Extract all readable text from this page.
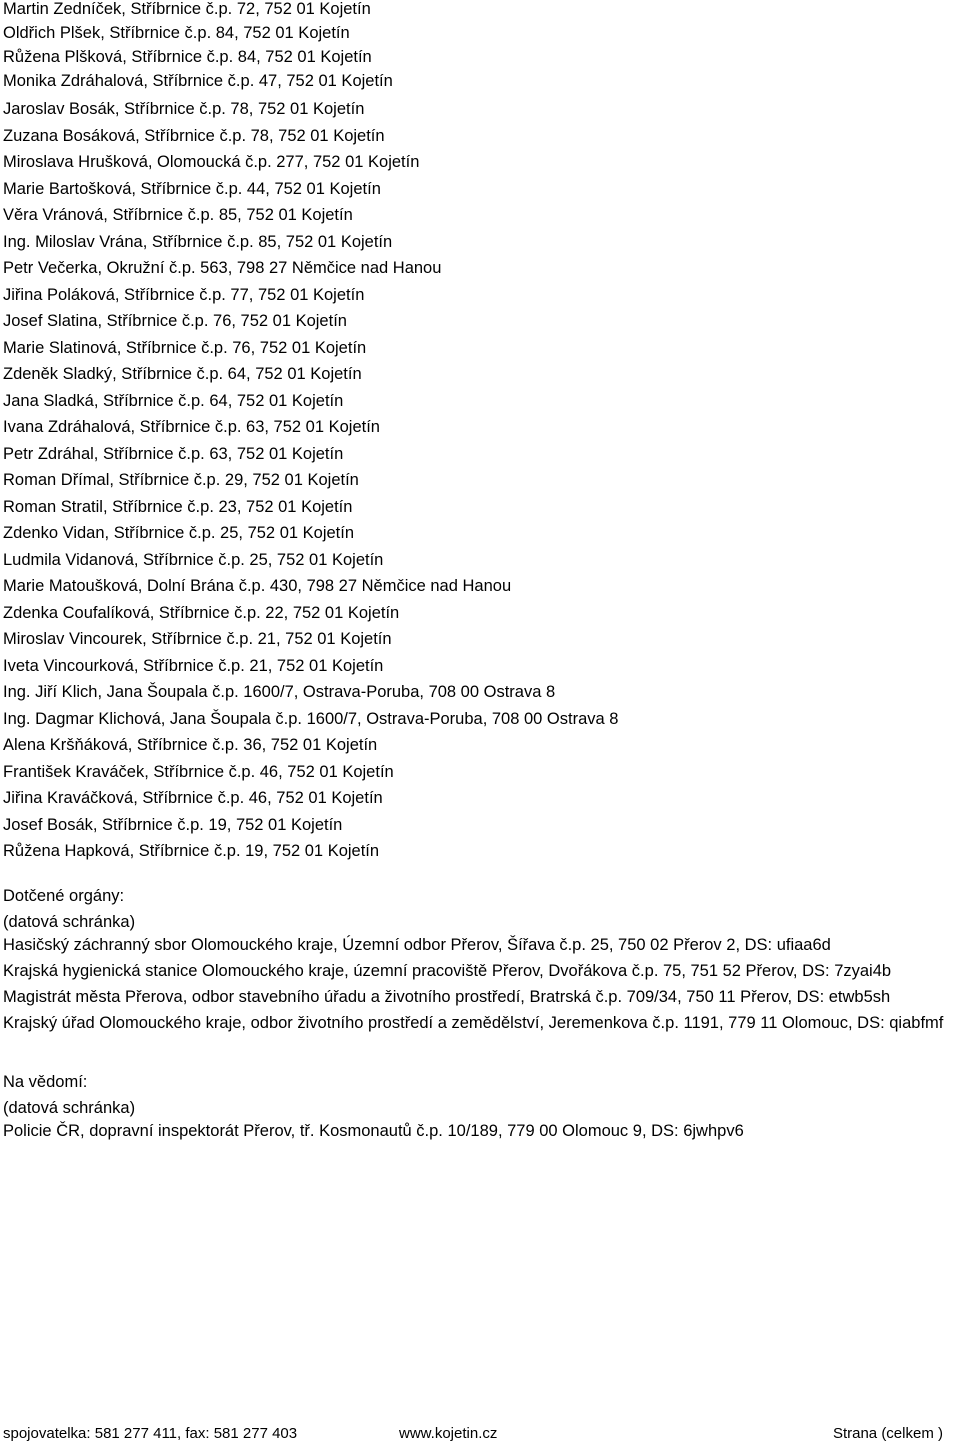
Martin Zedníček, Stříbrnice č.p. 72, 752 01 Kojetín
Oldřich Plšek, Stříbrnice č.p. 84, 752 01 Kojetín
Růžena Plšková, Stříbrnice č.p. 84, 752 01 Kojetín
Monika Zdráhalová, Stříbrnice č.p. 47, 752 01 Kojetín
Jaroslav Bosák, Stříbrnice č.p. 78, 752 01 Kojetín
Zuzana Bosáková, Stříbrnice č.p. 78, 752 01 Kojetín
Miroslava Hrušková, Olomoucká č.p. 277, 752 01 Kojetín
Marie Bartošková, Stříbrnice č.p. 44, 752 01 Kojetín
Věra Vránová, Stříbrnice č.p. 85, 752 01 Kojetín
Ing. Miloslav Vrána, Stříbrnice č.p. 85, 752 01 Kojetín
Petr Večerka, Okružní č.p. 563, 798 27 Němčice nad Hanou
Jiřina Poláková, Stříbrnice č.p. 77, 752 01 Kojetín
Josef Slatina, Stříbrnice č.p. 76, 752 01 Kojetín
Marie Slatinová, Stříbrnice č.p. 76, 752 01 Kojetín
Zdeněk Sladký, Stříbrnice č.p. 64, 752 01 Kojetín
Jana Sladká, Stříbrnice č.p. 64, 752 01 Kojetín
Ivana Zdráhalová, Stříbrnice č.p. 63, 752 01 Kojetín
Petr Zdráhal, Stříbrnice č.p. 63, 752 01 Kojetín
Roman Dřímal, Stříbrnice č.p. 29, 752 01 Kojetín
Roman Stratil, Stříbrnice č.p. 23, 752 01 Kojetín
Zdenko Vidan, Stříbrnice č.p. 25, 752 01 Kojetín
Ludmila Vidanová, Stříbrnice č.p. 25, 752 01 Kojetín
Marie Matoušková, Dolní Brána č.p. 430, 798 27 Němčice nad Hanou
Zdenka Coufalíková, Stříbrnice č.p. 22, 752 01 Kojetín
Miroslav Vincourek, Stříbrnice č.p. 21, 752 01 Kojetín
Iveta Vincourková, Stříbrnice č.p. 21, 752 01 Kojetín
Ing. Jiří Klich, Jana Šoupala č.p. 1600/7, Ostrava-Poruba, 708 00 Ostrava 8
Ing. Dagmar Klichová, Jana Šoupala č.p. 1600/7, Ostrava-Poruba, 708 00 Ostrava 8
Alena Kršňáková, Stříbrnice č.p. 36, 752 01 Kojetín
František Kraváček, Stříbrnice č.p. 46, 752 01 Kojetín
Jiřina Kraváčková, Stříbrnice č.p. 46, 752 01 Kojetín
Josef Bosák, Stříbrnice č.p. 19, 752 01 Kojetín
Růžena Hapková, Stříbrnice č.p. 19, 752 01 Kojetín
Dotčené orgány:
(datová schránka)
Hasičský záchranný sbor Olomouckého kraje, Územní odbor Přerov, Šířava č.p. 25, 750 02 Přerov 2, DS: ufiaa6d
Krajská hygienická stanice Olomouckého kraje, územní pracoviště Přerov, Dvořákova č.p. 75, 751 52 Přerov, DS: 7zyai4b
Magistrát města Přerova, odbor stavebního úřadu a životního prostředí, Bratrská č.p. 709/34, 750 11 Přerov, DS: etwb5sh
Krajský úřad Olomouckého kraje, odbor životního prostředí a zemědělství, Jeremenkova č.p. 1191, 779 11 Olomouc, DS: qiabfmf
Na vědomí:
(datová schránka)
Policie ČR, dopravní inspektorát Přerov, tř. Kosmonautů č.p. 10/189, 779 00 Olomouc 9, DS: 6jwhpv6
spojovatelka: 581 277 411, fax: 581 277 403	www.kojetin.cz	Strana (celkem )
